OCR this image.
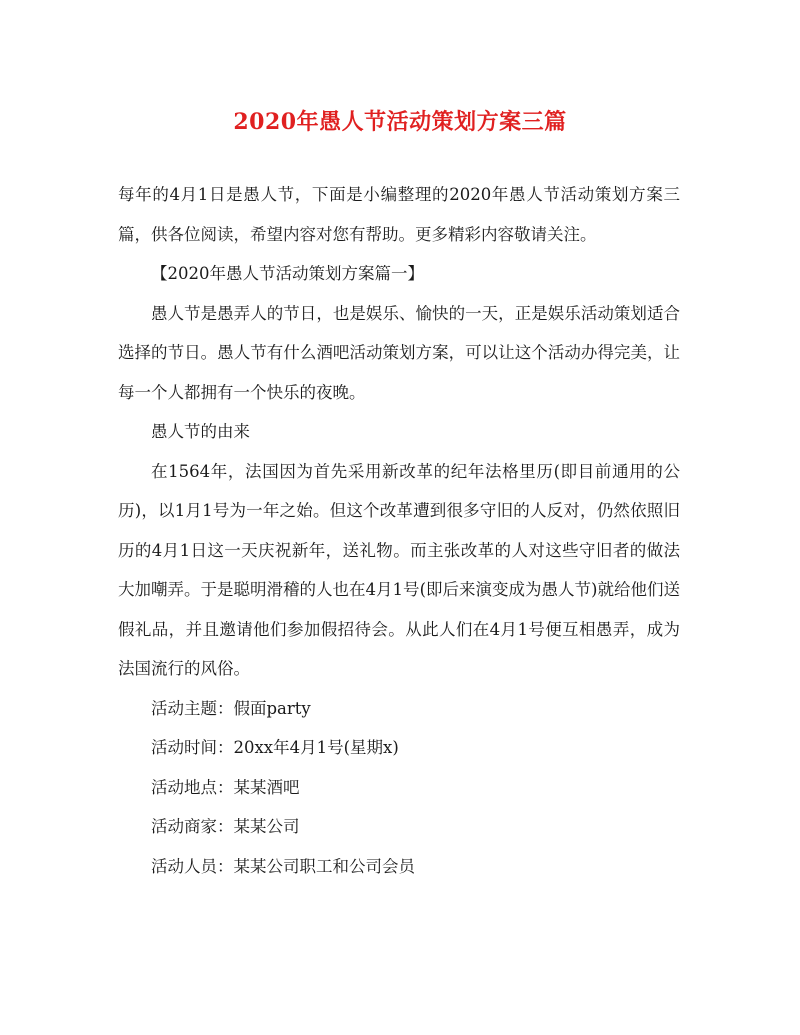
2020年愚人节活动策划方案三篇

每年的4月1日是愚人节，下面是小编整理的2020年愚人节活动策划方案三篇，供各位阅读，希望内容对您有帮助。更多精彩内容敬请关注。

【2020年愚人节活动策划方案篇一】

愚人节是愚弄人的节日，也是娱乐、愉快的一天，正是娱乐活动策划适合选择的节日。愚人节有什么酒吧活动策划方案，可以让这个活动办得完美，让每一个人都拥有一个快乐的夜晚。

愚人节的由来

在1564年，法国因为首先采用新改革的纪年法格里历(即目前通用的公历)，以1月1号为一年之始。但这个改革遭到很多守旧的人反对，仍然依照旧历的4月1日这一天庆祝新年，送礼物。而主张改革的人对这些守旧者的做法大加嘲弄。于是聪明滑稽的人也在4月1号(即后来演变成为愚人节)就给他们送假礼品，并且邀请他们参加假招待会。从此人们在4月1号便互相愚弄，成为法国流行的风俗。

活动主题：假面party

活动时间：20xx年4月1号(星期x)

活动地点：某某酒吧

活动商家：某某公司

活动人员：某某公司职工和公司会员
